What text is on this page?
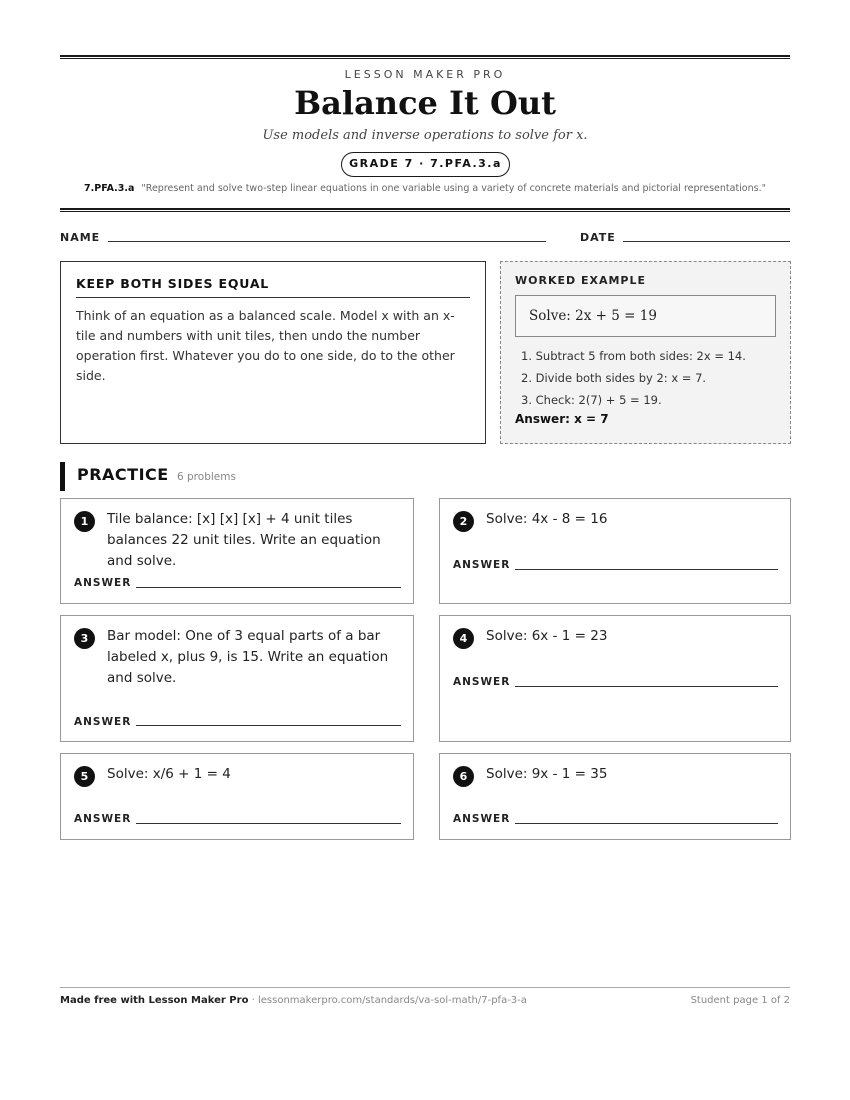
LESSON MAKER PRO
Balance It Out
Use models and inverse operations to solve for x.
GRADE 7 · 7.PFA.3.a
7.PFA.3.a "Represent and solve two-step linear equations in one variable using a variety of concrete materials and pictorial representations."
NAME	DATE
KEEP BOTH SIDES EQUAL
Think of an equation as a balanced scale. Model x with an x-tile and numbers with unit tiles, then undo the number operation first. Whatever you do to one side, do to the other side.
WORKED EXAMPLE
Solve: 2x + 5 = 19
1. Subtract 5 from both sides: 2x = 14.
2. Divide both sides by 2: x = 7.
3. Check: 2(7) + 5 = 19.
Answer: x = 7
PRACTICE 6 problems
1	Tile balance: [x] [x] [x] + 4 unit tiles balances 22 unit tiles. Write an equation and solve.
ANSWER
2	Solve: 4x - 8 = 16
ANSWER
3	Bar model: One of 3 equal parts of a bar labeled x, plus 9, is 15. Write an equation and solve.
ANSWER
4	Solve: 6x - 1 = 23
ANSWER
5	Solve: x/6 + 1 = 4
ANSWER
6	Solve: 9x - 1 = 35
ANSWER
Made free with Lesson Maker Pro · lessonmakerpro.com/standards/va-sol-math/7-pfa-3-a	Student page 1 of 2
